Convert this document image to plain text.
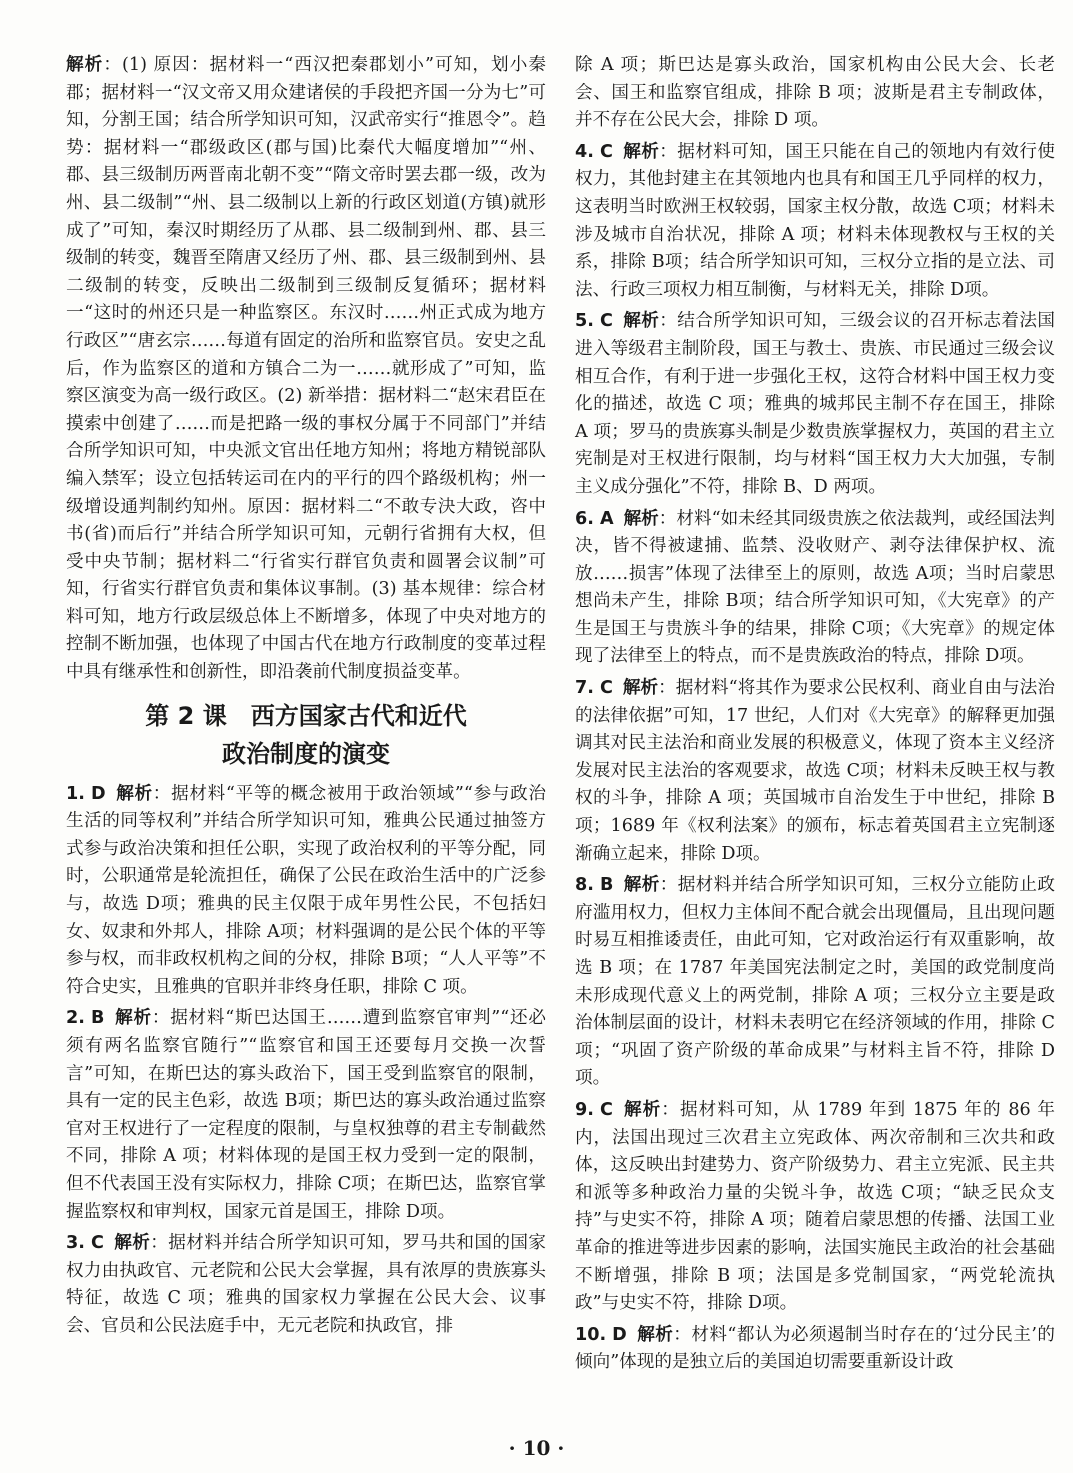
解析：(1) 原因：据材料一“西汉把秦郡划小”可知，划小秦郡；据材料一“汉文帝又用众建诸侯的手段把齐国一分为七”可知，分割王国；结合所学知识可知，汉武帝实行“推恩令”。趋势：据材料一“郡级政区(郡与国)比秦代大幅度增加”“州、郡、县三级制历两晋南北朝不变”“隋文帝时罢去郡一级，改为州、县二级制”“州、县二级制以上新的行政区划道(方镇)就形成了”可知，秦汉时期经历了从郡、县二级制到州、郡、县三级制的转变，魏晋至隋唐又经历了州、郡、县三级制到州、县二级制的转变，反映出二级制到三级制反复循环；据材料一“这时的州还只是一种监察区。东汉时……州正式成为地方行政区”“唐玄宗……每道有固定的治所和监察官员。安史之乱后，作为监察区的道和方镇合二为一……就形成了”可知，监察区演变为高一级行政区。(2) 新举措：据材料二“赵宋君臣在摸索中创建了……而是把路一级的事权分属于不同部门”并结合所学知识可知，中央派文官出任地方知州；将地方精锐部队编入禁军；设立包括转运司在内的平行的四个路级机构；州一级增设通判制约知州。原因：据材料二“不敢专決大政，咨中书(省)而后行”并结合所学知识可知，元朝行省拥有大权，但受中央节制；据材料二“行省实行群官负责和圆署会议制”可知，行省实行群官负责和集体议事制。(3) 基本规律：综合材料可知，地方行政层级总体上不断增多，体现了中央对地方的控制不断加强，也体现了中国古代在地方行政制度的变革过程中具有继承性和创新性，即沿袭前代制度损益变革。

第 2 课　西方国家古代和近代
政治制度的演变

1. D 解析：据材料“平等的概念被用于政治领域”“参与政治生活的同等权利”并结合所学知识可知，雅典公民通过抽签方式参与政治决策和担任公职，实现了政治权利的平等分配，同时，公职通常是轮流担任，确保了公民在政治生活中的广泛参与，故选 D项；雅典的民主仅限于成年男性公民，不包括妇女、奴隶和外邦人，排除 A项；材料强调的是公民个体的平等参与权，而非政权机构之间的分权，排除 B项；“人人平等”不符合史实，且雅典的官职并非终身任职，排除 C 项。

2. B 解析：据材料“斯巴达国王……遭到监察官审判”“还必须有两名监察官随行”“监察官和国王还要每月交换一次誓言”可知，在斯巴达的寡头政治下，国王受到监察官的限制，具有一定的民主色彩，故选 B项；斯巴达的寡头政治通过监察官对王权进行了一定程度的限制，与皇权独尊的君主专制截然不同，排除 A 项；材料体现的是国王权力受到一定的限制，但不代表国王没有实际权力，排除 C项；在斯巴达，监察官掌握监察权和审判权，国家元首是国王，排除 D项。

3. C 解析：据材料并结合所学知识可知，罗马共和国的国家权力由执政官、元老院和公民大会掌握，具有浓厚的贵族寡头特征，故选 C 项；雅典的国家权力掌握在公民大会、议事会、官员和公民法庭手中，无元老院和执政官，排

除 A 项；斯巴达是寡头政治，国家机构由公民大会、长老会、国王和监察官组成，排除 B 项；波斯是君主专制政体，并不存在公民大会，排除 D 项。

4. C 解析：据材料可知，国王只能在自己的领地内有效行使权力，其他封建主在其领地内也具有和国王几乎同样的权力，这表明当时欧洲王权较弱，国家主权分散，故选 C项；材料未涉及城市自治状况，排除 A 项；材料未体现教权与王权的关系，排除 B项；结合所学知识可知，三权分立指的是立法、司法、行政三项权力相互制衡，与材料无关，排除 D项。

5. C 解析：结合所学知识可知，三级会议的召开标志着法国进入等级君主制阶段，国王与教士、贵族、市民通过三级会议相互合作，有利于进一步强化王权，这符合材料中国王权力变化的描述，故选 C 项；雅典的城邦民主制不存在国王，排除 A 项；罗马的贵族寡头制是少数贵族掌握权力，英国的君主立宪制是对王权进行限制，均与材料“国王权力大大加强，专制主义成分强化”不符，排除 B、D 两项。

6. A 解析：材料“如未经其同级贵族之依法裁判，或经国法判决，皆不得被逮捕、监禁、没收财产、剥夺法律保护权、流放……损害”体现了法律至上的原则，故选 A项；当时启蒙思想尚未产生，排除 B项；结合所学知识可知，《大宪章》的产生是国王与贵族斗争的结果，排除 C项；《大宪章》的规定体现了法律至上的特点，而不是贵族政治的特点，排除 D项。

7. C 解析：据材料“将其作为要求公民权利、商业自由与法治的法律依据”可知，17 世纪，人们对《大宪章》的解释更加强调其对民主法治和商业发展的积极意义，体现了资本主义经济发展对民主法治的客观要求，故选 C项；材料未反映王权与教权的斗争，排除 A 项；英国城市自治发生于中世纪，排除 B项；1689 年《权利法案》的颁布，标志着英国君主立宪制逐渐确立起来，排除 D项。

8. B 解析：据材料并结合所学知识可知，三权分立能防止政府滥用权力，但权力主体间不配合就会出现僵局，且出现问题时易互相推诿责任，由此可知，它对政治运行有双重影响，故选 B 项；在 1787 年美国宪法制定之时，美国的政党制度尚未形成现代意义上的两党制，排除 A 项；三权分立主要是政治体制层面的设计，材料未表明它在经济领域的作用，排除 C 项；“巩固了资产阶级的革命成果”与材料主旨不符，排除 D 项。

9. C 解析：据材料可知，从 1789 年到 1875 年的 86 年内，法国出现过三次君主立宪政体、两次帝制和三次共和政体，这反映出封建势力、资产阶级势力、君主立宪派、民主共和派等多种政治力量的尖锐斗争，故选 C项；“缺乏民众支持”与史实不符，排除 A 项；随着启蒙思想的传播、法国工业革命的推进等进步因素的影响，法国实施民主政治的社会基础不断增强，排除 B 项；法国是多党制国家，“两党轮流执政”与史实不符，排除 D项。

10. D 解析：材料“都认为必须遏制当时存在的‘过分民主’的倾向”体现的是独立后的美国迫切需要重新设计政

· 10 ·
